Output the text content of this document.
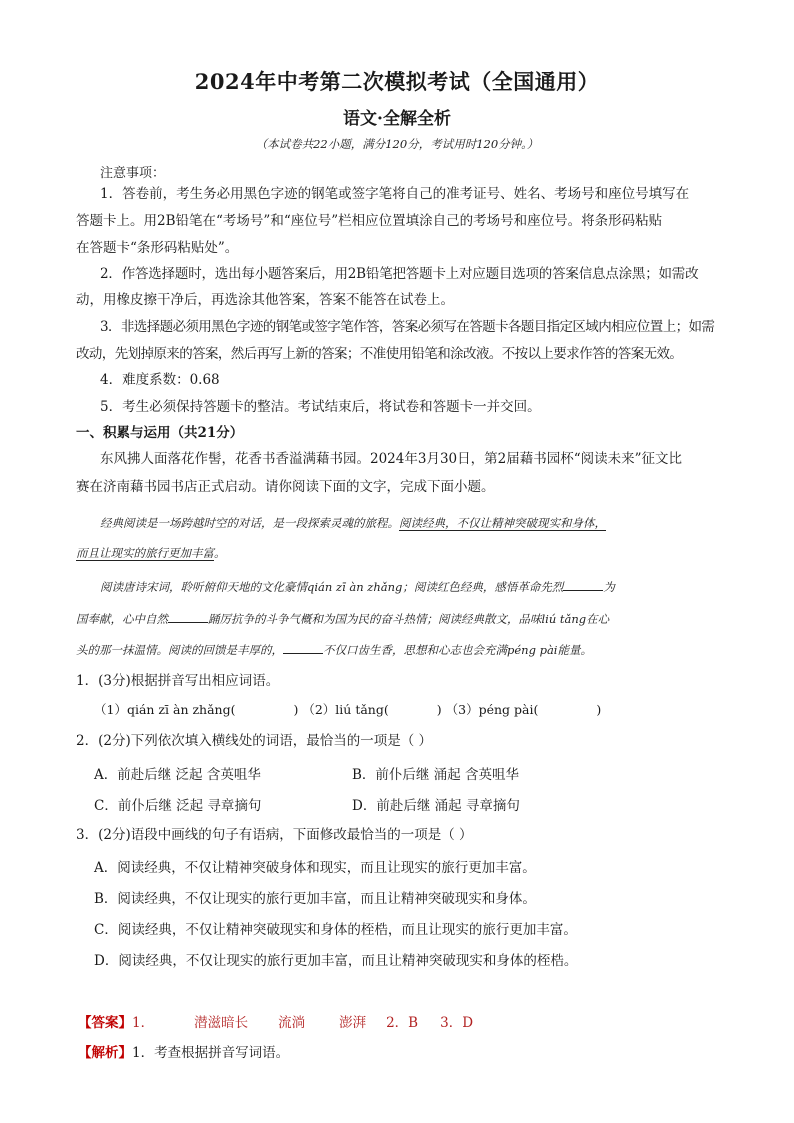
2024年中考第二次模拟考试（全国通用）
语文·全解全析
（本试卷共22小题，满分120分，考试用时120分钟。）
注意事项：
1．答卷前，考生务必用黑色字迹的钢笔或签字笔将自己的准考证号、姓名、考场号和座位号填写在
答题卡上。用2B铅笔在“考场号”和“座位号”栏相应位置填涂自己的考场号和座位号。将条形码粘贴
在答题卡“条形码粘贴处”。
2．作答选择题时，选出每小题答案后，用2B铅笔把答题卡上对应题目选项的答案信息点涂黑；如需改
动，用橡皮擦干净后，再选涂其他答案，答案不能答在试卷上。
3．非选择题必须用黑色字迹的钢笔或签字笔作答，答案必须写在答题卡各题目指定区域内相应位置上；如需
改动，先划掉原来的答案，然后再写上新的答案；不准使用铅笔和涂改液。不按以上要求作答的答案无效。
4．难度系数：0.68
5．考生必须保持答题卡的整洁。考试结束后，将试卷和答题卡一并交回。
一、积累与运用（共21分）
东风拂人面落花作髻，花香书香溢满藉书园。2024年3月30日，第2届藉书园杯“阅读未来”征文比
赛在济南藉书园书店正式启动。请你阅读下面的文字，完成下面小题。
经典阅读是一场跨越时空的对话，是一段探索灵魂的旅程。阅读经典，不仅让精神突破现实和身体，
而且让现实的旅行更加丰富。
阅读唐诗宋词，聆听俯仰天地的文化豪情qián zī àn zhǎng；阅读红色经典，感悟革命先烈	为
国奉献，心中自然	踊厉抗争的斗争气概和为国为民的奋斗热情；阅读经典散文，品味liú tǎng在心
头的那一抹温情。阅读的回馈是丰厚的，	不仅口齿生香，思想和心志也会充满péng pài能量。
1．(3分)根据拼音写出相应词语。
（1）qián zī àn zhǎng(	) （2）liú tǎng(	) （3）péng pài(	)
2．(2分)下列依次填入横线处的词语，最恰当的一项是（ ）
A．前赴后继 泛起 含英咀华	B．前仆后继 涌起 含英咀华
C．前仆后继 泛起 寻章摘句	D．前赴后继 涌起 寻章摘句
3．(2分)语段中画线的句子有语病，下面修改最恰当的一项是（ ）
A．阅读经典，不仅让精神突破身体和现实，而且让现实的旅行更加丰富。
B．阅读经典，不仅让现实的旅行更加丰富，而且让精神突破现实和身体。
C．阅读经典，不仅让精神突破现实和身体的桎梏，而且让现实的旅行更加丰富。
D．阅读经典，不仅让现实的旅行更加丰富，而且让精神突破现实和身体的桎梏。
【答案】1．	潜滋暗长 流淌	澎湃 2．B 3．D
【解析】1．考查根据拼音写词语。
